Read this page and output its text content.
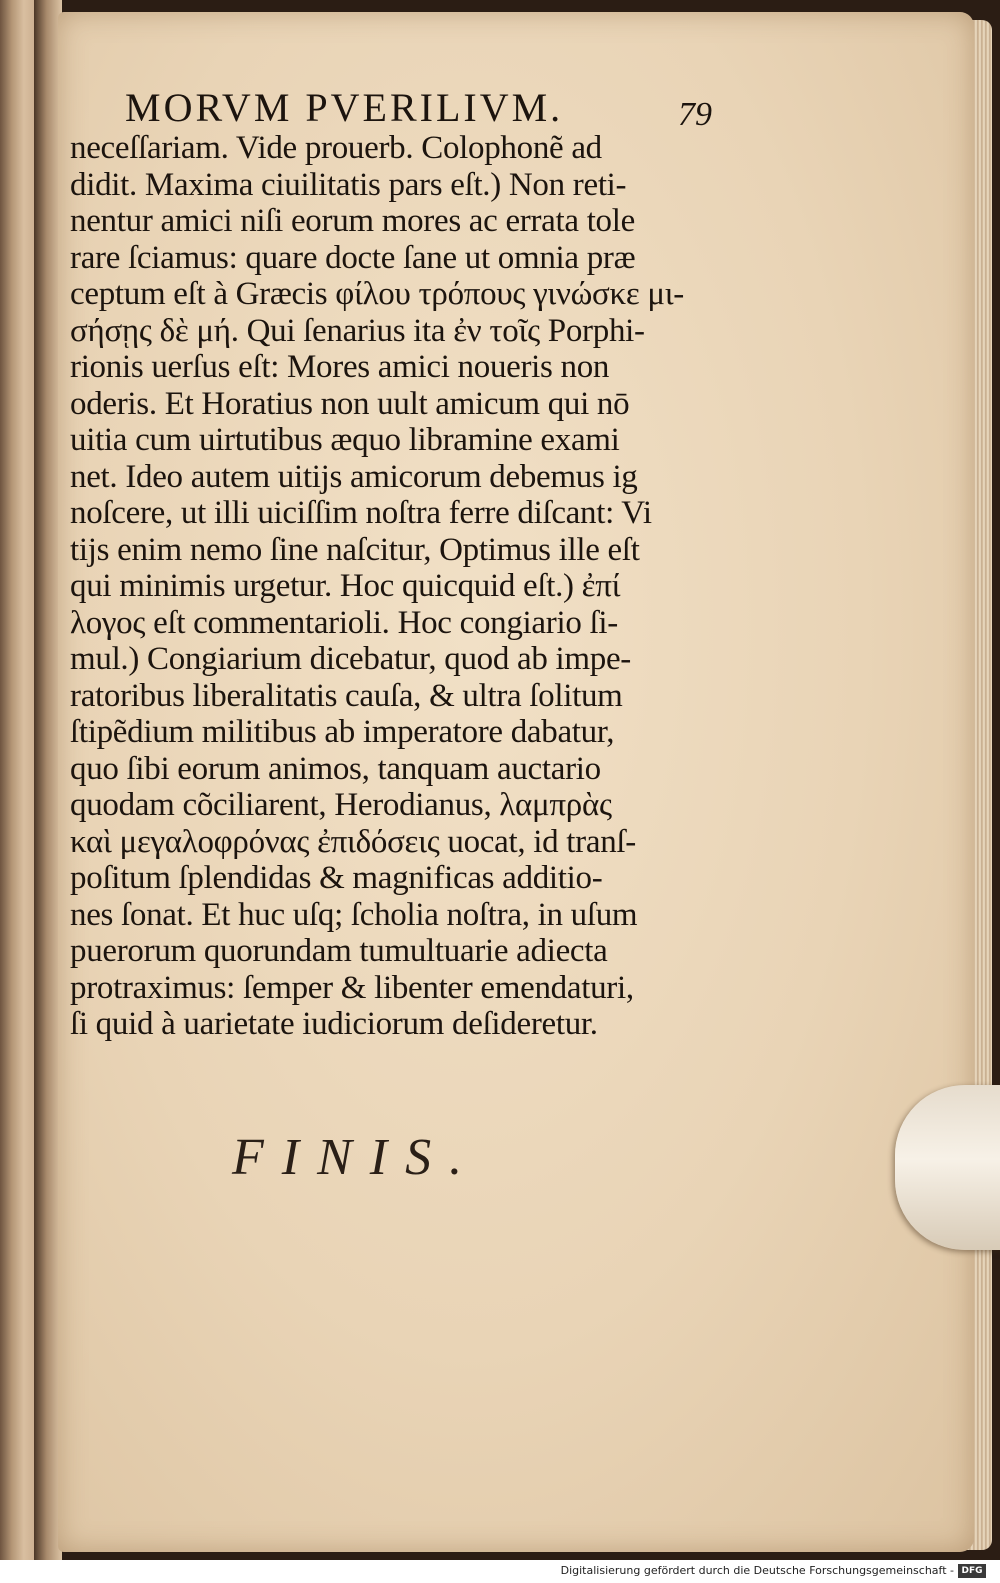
MORVM PVERILIVM.	79
neceſſariam. Vide prouerb. Colophonẽ ad
didit. Maxima ciuilitatis pars eſt.) Non reti-
nentur amici niſi eorum mores ac errata tole
rare ſciamus: quare docte ſane ut omnia præ
ceptum eſt à Græcis φίλου τρόπους γινώσκε μι-
σήσῃς δὲ μή. Qui ſenarius ita ἐν τοῖς Porphi-
rionis uerſus eſt: Mores amici noueris non
oderis. Et Horatius non uult amicum qui nō
uitia cum uirtutibus æquo libramine exami
net. Ideo autem uitijs amicorum debemus ig
noſcere, ut illi uiciſſim noſtra ferre diſcant: Vi
tijs enim nemo ſine naſcitur, Optimus ille eſt
qui minimis urgetur. Hoc quicquid eſt.) ἐπί
λογος eſt commentarioli. Hoc congiario ſi-
mul.) Congiarium dicebatur, quod ab impe-
ratoribus liberalitatis cauſa, & ultra ſolitum
ſtipẽdium militibus ab imperatore dabatur,
quo ſibi eorum animos, tanquam auctario
quodam cõciliarent, Herodianus, λαμπρὰς
καὶ μεγαλοφρόνας ἐπιδόσεις uocat, id tranſ-
poſitum ſplendidas & magnificas additio-
nes ſonat. Et huc uſq; ſcholia noſtra, in uſum
puerorum quorundam tumultuarie adiecta
protraximus: ſemper & libenter emendaturi,
ſi quid à uarietate iudiciorum deſideretur.
FINIS.
Digitalisierung gefördert durch die Deutsche Forschungsgemeinschaft - DFG
